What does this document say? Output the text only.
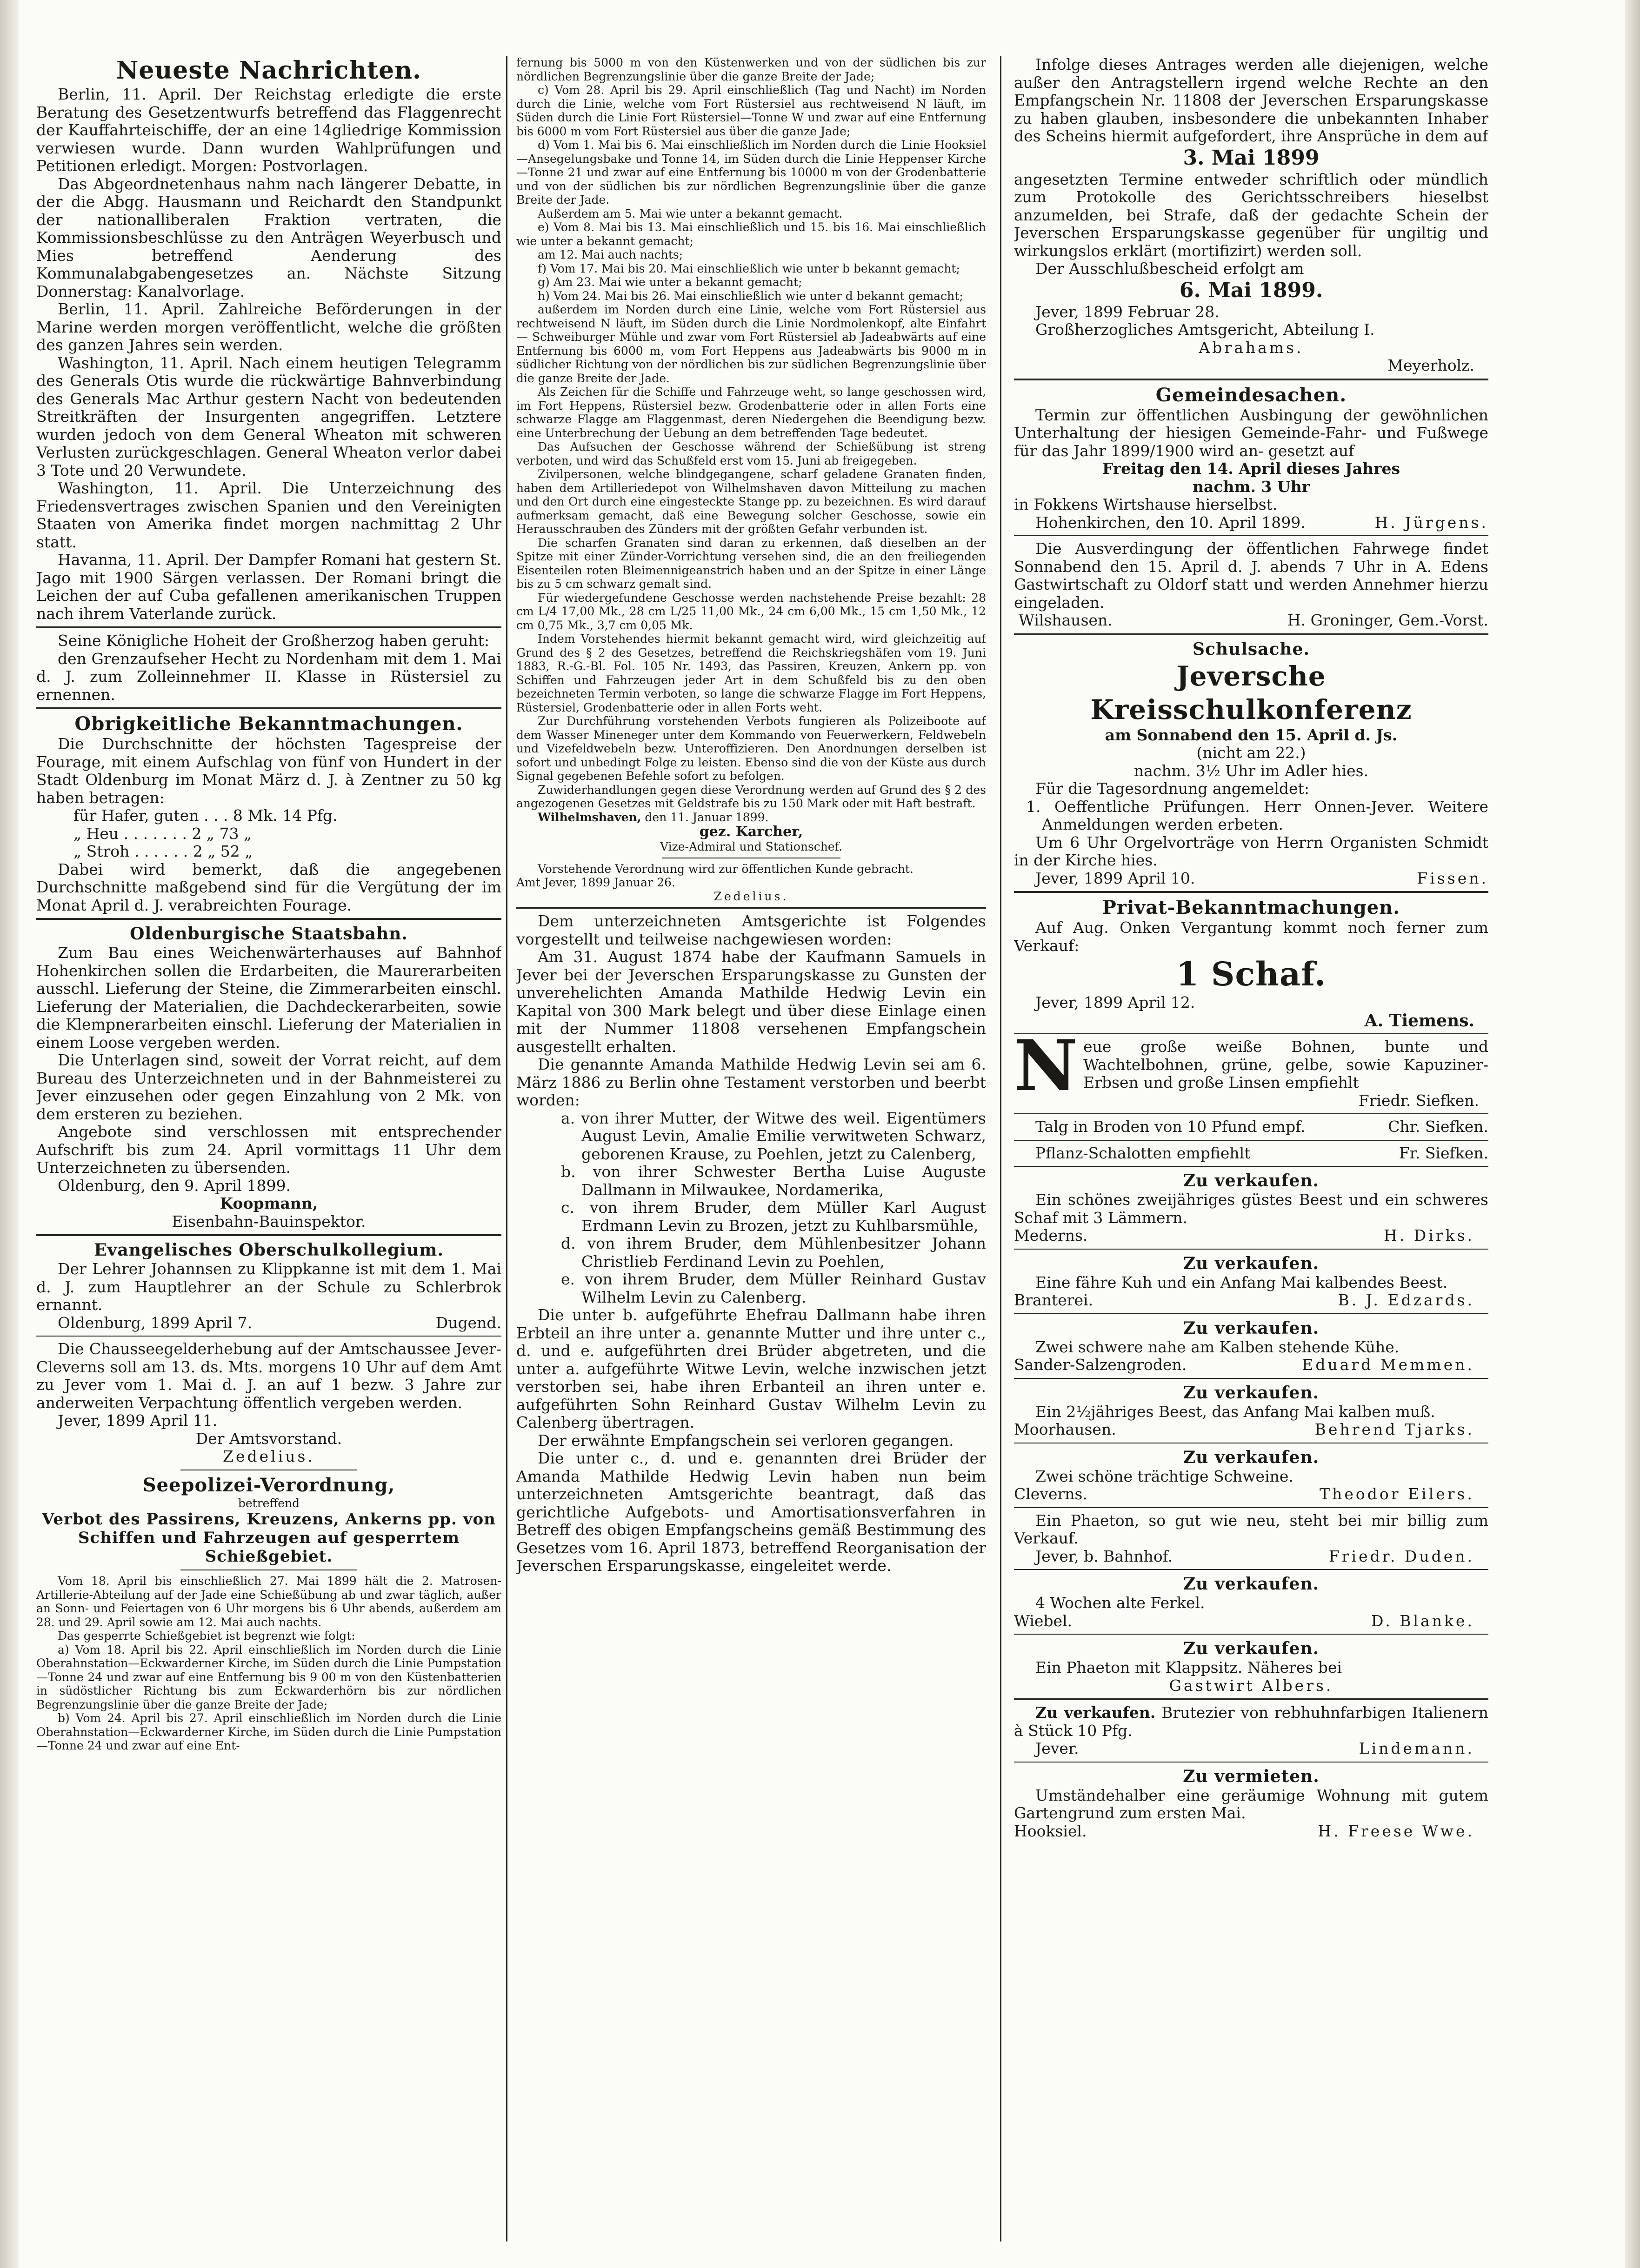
Neueste Nachrichten.

Berlin, 11. April. Der Reichstag erledigte die erste Beratung des Gesetzentwurfs betreffend das Flaggenrecht der Kauffahrteischiffe, der an eine 14gliedrige Kommission verwiesen wurde. Dann wurden Wahlprüfungen und Petitionen erledigt. Morgen: Postvorlagen.

Das Abgeordnetenhaus nahm nach längerer Debatte, in der die Abgg. Hausmann und Reichardt den Standpunkt der nationalliberalen Fraktion vertraten, die Kommissionsbeschlüsse zu den Anträgen Weyerbusch und Mies betreffend Aenderung des Kommunalabgabengesetzes an. Nächste Sitzung Donnerstag: Kanalvorlage.

Berlin, 11. April. Zahlreiche Beförderungen in der Marine werden morgen veröffentlicht, welche die größten des ganzen Jahres sein werden.

Washington, 11. April. Nach einem heutigen Telegramm des Generals Otis wurde die rückwärtige Bahnverbindung des Generals Mac Arthur gestern Nacht von bedeutenden Streitkräften der Insurgenten angegriffen. Letztere wurden jedoch von dem General Wheaton mit schweren Verlusten zurückgeschlagen. General Wheaton verlor dabei 3 Tote und 20 Verwundete.

Washington, 11. April. Die Unterzeichnung des Friedensvertrages zwischen Spanien und den Vereinigten Staaten von Amerika findet morgen nachmittag 2 Uhr statt.

Havanna, 11. April. Der Dampfer Romani hat gestern St. Jago mit 1900 Särgen verlassen. Der Romani bringt die Leichen der auf Cuba gefallenen amerikanischen Truppen nach ihrem Vaterlande zurück.

Seine Königliche Hoheit der Großherzog haben geruht:

den Grenzaufseher Hecht zu Nordenham mit dem 1. Mai d. J. zum Zolleinnehmer II. Klasse in Rüstersiel zu ernennen.

Obrigkeitliche Bekanntmachungen.

Die Durchschnitte der höchsten Tagespreise der Fourage, mit einem Aufschlag von fünf von Hundert in der Stadt Oldenburg im Monat März d. J. à Zentner zu 50 kg haben betragen:

für Hafer, guten . . . 8 Mk. 14 Pfg.

„ Heu . . . . . . . 2 „ 73 „

„ Stroh . . . . . . 2 „ 52 „

Dabei wird bemerkt, daß die angegebenen Durchschnitte maßgebend sind für die Vergütung der im Monat April d. J. verabreichten Fourage.

Oldenburgische Staatsbahn.

Zum Bau eines Weichenwärterhauses auf Bahnhof Hohenkirchen sollen die Erdarbeiten, die Maurerarbeiten ausschl. Lieferung der Steine, die Zimmerarbeiten einschl. Lieferung der Materialien, die Dachdeckerarbeiten, sowie die Klempnerarbeiten einschl. Lieferung der Materialien in einem Loose vergeben werden.

Die Unterlagen sind, soweit der Vorrat reicht, auf dem Bureau des Unterzeichneten und in der Bahnmeisterei zu Jever einzusehen oder gegen Einzahlung von 2 Mk. von dem ersteren zu beziehen.

Angebote sind verschlossen mit entsprechender Aufschrift bis zum 24. April vormittags 11 Uhr dem Unterzeichneten zu übersenden.

Oldenburg, den 9. April 1899.

Koopmann,

Eisenbahn-Bauinspektor.

Evangelisches Oberschulkollegium.

Der Lehrer Johannsen zu Klippkanne ist mit dem 1. Mai d. J. zum Hauptlehrer an der Schule zu Schlerbrok ernannt.

Oldenburg, 1899 April 7.	Dugend.

Die Chausseegelderhebung auf der Amtschaussee Jever-Cleverns soll am 13. ds. Mts. morgens 10 Uhr auf dem Amt zu Jever vom 1. Mai d. J. an auf 1 bezw. 3 Jahre zur anderweiten Verpachtung öffentlich vergeben werden.

Jever, 1899 April 11.

Der Amtsvorstand.

Zedelius.

Seepolizei-Verordnung,

betreffend

Verbot des Passirens, Kreuzens, Ankerns pp. von Schiffen und Fahrzeugen auf gesperrtem Schießgebiet.

Vom 18. April bis einschließlich 27. Mai 1899 hält die 2. Matrosen-Artillerie-Abteilung auf der Jade eine Schießübung ab und zwar täglich, außer an Sonn- und Feiertagen von 6 Uhr morgens bis 6 Uhr abends, außerdem am 28. und 29. April sowie am 12. Mai auch nachts.

Das gesperrte Schießgebiet ist begrenzt wie folgt:

a) Vom 18. April bis 22. April einschließlich im Norden durch die Linie Oberahnstation—Eckwarderner Kirche, im Süden durch die Linie Pumpstation—Tonne 24 und zwar auf eine Entfernung bis 9 00 m von den Küstenbatterien in südöstlicher Richtung bis zum Eckwarderhörn bis zur nördlichen Begrenzungslinie über die ganze Breite der Jade;

b) Vom 24. April bis 27. April einschließlich im Norden durch die Linie Oberahnstation—Eckwarderner Kirche, im Süden durch die Linie Pumpstation—Tonne 24 und zwar auf eine Ent-

fernung bis 5000 m von den Küstenwerken und von der südlichen bis zur nördlichen Begrenzungslinie über die ganze Breite der Jade;

c) Vom 28. April bis 29. April einschließlich (Tag und Nacht) im Norden durch die Linie, welche vom Fort Rüstersiel aus rechtweisend N läuft, im Süden durch die Linie Fort Rüstersiel—Tonne W und zwar auf eine Entfernung bis 6000 m vom Fort Rüstersiel aus über die ganze Jade;

d) Vom 1. Mai bis 6. Mai einschließlich im Norden durch die Linie Hooksiel—Ansegelungsbake und Tonne 14, im Süden durch die Linie Heppenser Kirche—Tonne 21 und zwar auf eine Entfernung bis 10000 m von der Grodenbatterie und von der südlichen bis zur nördlichen Begrenzungslinie über die ganze Breite der Jade.

Außerdem am 5. Mai wie unter a bekannt gemacht.

e) Vom 8. Mai bis 13. Mai einschließlich und 15. bis 16. Mai einschließlich wie unter a bekannt gemacht;

am 12. Mai auch nachts;

f) Vom 17. Mai bis 20. Mai einschließlich wie unter b bekannt gemacht;

g) Am 23. Mai wie unter a bekannt gemacht;

h) Vom 24. Mai bis 26. Mai einschließlich wie unter d bekannt gemacht;

außerdem im Norden durch eine Linie, welche vom Fort Rüstersiel aus rechtweisend N läuft, im Süden durch die Linie Nordmolenkopf, alte Einfahrt — Schweiburger Mühle und zwar vom Fort Rüstersiel ab Jadeabwärts auf eine Entfernung bis 6000 m, vom Fort Heppens aus Jadeabwärts bis 9000 m in südlicher Richtung von der nördlichen bis zur südlichen Begrenzungslinie über die ganze Breite der Jade.

Als Zeichen für die Schiffe und Fahrzeuge weht, so lange geschossen wird, im Fort Heppens, Rüstersiel bezw. Grodenbatterie oder in allen Forts eine schwarze Flagge am Flaggenmast, deren Niedergehen die Beendigung bezw. eine Unterbrechung der Uebung an dem betreffenden Tage bedeutet.

Das Aufsuchen der Geschosse während der Schießübung ist streng verboten, und wird das Schußfeld erst vom 15. Juni ab freigegeben.

Zivilpersonen, welche blindgegangene, scharf geladene Granaten finden, haben dem Artilleriedepot von Wilhelmshaven davon Mitteilung zu machen und den Ort durch eine eingesteckte Stange pp. zu bezeichnen. Es wird darauf aufmerksam gemacht, daß eine Bewegung solcher Geschosse, sowie ein Herausschrauben des Zünders mit der größten Gefahr verbunden ist.

Die scharfen Granaten sind daran zu erkennen, daß dieselben an der Spitze mit einer Zünder-Vorrichtung versehen sind, die an den freiliegenden Eisenteilen roten Bleimennigeanstrich haben und an der Spitze in einer Länge bis zu 5 cm schwarz gemalt sind.

Für wiedergefundene Geschosse werden nachstehende Preise bezahlt: 28 cm L/4 17,00 Mk., 28 cm L/25 11,00 Mk., 24 cm 6,00 Mk., 15 cm 1,50 Mk., 12 cm 0,75 Mk., 3,7 cm 0,05 Mk.

Indem Vorstehendes hiermit bekannt gemacht wird, wird gleichzeitig auf Grund des § 2 des Gesetzes, betreffend die Reichskriegshäfen vom 19. Juni 1883, R.-G.-Bl. Fol. 105 Nr. 1493, das Passiren, Kreuzen, Ankern pp. von Schiffen und Fahrzeugen jeder Art in dem Schußfeld bis zu den oben bezeichneten Termin verboten, so lange die schwarze Flagge im Fort Heppens, Rüstersiel, Grodenbatterie oder in allen Forts weht.

Zur Durchführung vorstehenden Verbots fungieren als Polizeiboote auf dem Wasser Mineneger unter dem Kommando von Feuerwerkern, Feldwebeln und Vizefeldwebeln bezw. Unteroffizieren. Den Anordnungen derselben ist sofort und unbedingt Folge zu leisten. Ebenso sind die von der Küste aus durch Signal gegebenen Befehle sofort zu befolgen.

Zuwiderhandlungen gegen diese Verordnung werden auf Grund des § 2 des angezogenen Gesetzes mit Geldstrafe bis zu 150 Mark oder mit Haft bestraft.

Wilhelmshaven, den 11. Januar 1899.

gez. Karcher,

Vize-Admiral und Stationschef.

Vorstehende Verordnung wird zur öffentlichen Kunde gebracht.

Amt Jever, 1899 Januar 26.

Zedelius.

Dem unterzeichneten Amtsgerichte ist Folgendes vorgestellt und teilweise nachgewiesen worden:

Am 31. August 1874 habe der Kaufmann Samuels in Jever bei der Jeverschen Ersparungskasse zu Gunsten der unverehelichten Amanda Mathilde Hedwig Levin ein Kapital von 300 Mark belegt und über diese Einlage einen mit der Nummer 11808 versehenen Empfangschein ausgestellt erhalten.

Die genannte Amanda Mathilde Hedwig Levin sei am 6. März 1886 zu Berlin ohne Testament verstorben und beerbt worden:

a. von ihrer Mutter, der Witwe des weil. Eigentümers August Levin, Amalie Emilie verwitweten Schwarz, geborenen Krause, zu Poehlen, jetzt zu Calenberg,

b. von ihrer Schwester Bertha Luise Auguste Dallmann in Milwaukee, Nordamerika,

c. von ihrem Bruder, dem Müller Karl August Erdmann Levin zu Brozen, jetzt zu Kuhlbarsmühle,

d. von ihrem Bruder, dem Mühlenbesitzer Johann Christlieb Ferdinand Levin zu Poehlen,

e. von ihrem Bruder, dem Müller Reinhard Gustav Wilhelm Levin zu Calenberg.

Die unter b. aufgeführte Ehefrau Dallmann habe ihren Erbteil an ihre unter a. genannte Mutter und ihre unter c., d. und e. aufgeführten drei Brüder abgetreten, und die unter a. aufgeführte Witwe Levin, welche inzwischen jetzt verstorben sei, habe ihren Erbanteil an ihren unter e. aufgeführten Sohn Reinhard Gustav Wilhelm Levin zu Calenberg übertragen.

Der erwähnte Empfangschein sei verloren gegangen.

Die unter c., d. und e. genannten drei Brüder der Amanda Mathilde Hedwig Levin haben nun beim unterzeichneten Amtsgerichte beantragt, daß das gerichtliche Aufgebots- und Amortisationsverfahren in Betreff des obigen Empfangscheins gemäß Bestimmung des Gesetzes vom 16. April 1873, betreffend Reorganisation der Jeverschen Ersparungskasse, eingeleitet werde.

Infolge dieses Antrages werden alle diejenigen, welche außer den Antragstellern irgend welche Rechte an den Empfangschein Nr. 11808 der Jeverschen Ersparungskasse zu haben glauben, insbesondere die unbekannten Inhaber des Scheins hiermit aufgefordert, ihre Ansprüche in dem auf

3. Mai 1899

angesetzten Termine entweder schriftlich oder mündlich zum Protokolle des Gerichtsschreibers hieselbst anzumelden, bei Strafe, daß der gedachte Schein der Jeverschen Ersparungskasse gegenüber für ungiltig und wirkungslos erklärt (mortifizirt) werden soll.

Der Ausschlußbescheid erfolgt am

6. Mai 1899.

Jever, 1899 Februar 28.

Großherzogliches Amtsgericht, Abteilung I.

Abrahams.

Meyerholz.

Gemeindesachen.

Termin zur öffentlichen Ausbingung der gewöhnlichen Unterhaltung der hiesigen Gemeinde-Fahr- und Fußwege für das Jahr 1899/1900 wird an- gesetzt auf

Freitag den 14. April dieses Jahres

nachm. 3 Uhr

in Fokkens Wirtshause hierselbst.

Hohenkirchen, den 10. April 1899.	H. Jürgens.

Die Ausverdingung der öffentlichen Fahrwege findet Sonnabend den 15. April d. J. abends 7 Uhr in A. Edens Gastwirtschaft zu Oldorf statt und werden Annehmer hierzu eingeladen.

Wilshausen.	H. Groninger, Gem.-Vorst.

Schulsache.

Jeversche Kreisschulkonferenz

am Sonnabend den 15. April d. Js.

(nicht am 22.)

nachm. 3½ Uhr im Adler hies.

Für die Tagesordnung angemeldet:

1. Oeffentliche Prüfungen. Herr Onnen-Jever. Weitere Anmeldungen werden erbeten.

Um 6 Uhr Orgelvorträge von Herrn Organisten Schmidt in der Kirche hies.

Jever, 1899 April 10.	Fissen.

Privat-Bekanntmachungen.

Auf Aug. Onken Vergantung kommt noch ferner zum Verkauf:

1 Schaf.

Jever, 1899 April 12.

A. Tiemens.

N eue große weiße Bohnen, bunte und Wachtelbohnen, grüne, gelbe, sowie Kapuziner-Erbsen und große Linsen empfiehlt
Friedr. Siefken.
Talg in Broden von 10 Pfund empf.	Chr. Siefken.
Pflanz-Schalotten empfiehlt	Fr. Siefken.

Zu verkaufen.

Ein schönes zweijähriges güstes Beest und ein schweres Schaf mit 3 Lämmern.

Mederns.	H. Dirks.

Zu verkaufen.

Eine fähre Kuh und ein Anfang Mai kalbendes Beest.

Branterei.	B. J. Edzards.

Zu verkaufen.

Zwei schwere nahe am Kalben stehende Kühe.

Sander-Salzengroden.	Eduard Memmen.

Zu verkaufen.

Ein 2½jähriges Beest, das Anfang Mai kalben muß.

Moorhausen.	Behrend Tjarks.

Zu verkaufen.

Zwei schöne trächtige Schweine.

Cleverns.	Theodor Eilers.

Ein Phaeton, so gut wie neu, steht bei mir billig zum Verkauf.

Jever, b. Bahnhof.	Friedr. Duden.

Zu verkaufen.

4 Wochen alte Ferkel.

Wiebel.	D. Blanke.

Zu verkaufen.

Ein Phaeton mit Klappsitz. Näheres bei

Gastwirt Albers.

Zu verkaufen. Brutezier von rebhuhnfarbigen Italienern à Stück 10 Pfg.

Jever.	Lindemann.

Zu vermieten.

Umständehalber eine geräumige Wohnung mit gutem Gartengrund zum ersten Mai.

Hooksiel.	H. Freese Wwe.
